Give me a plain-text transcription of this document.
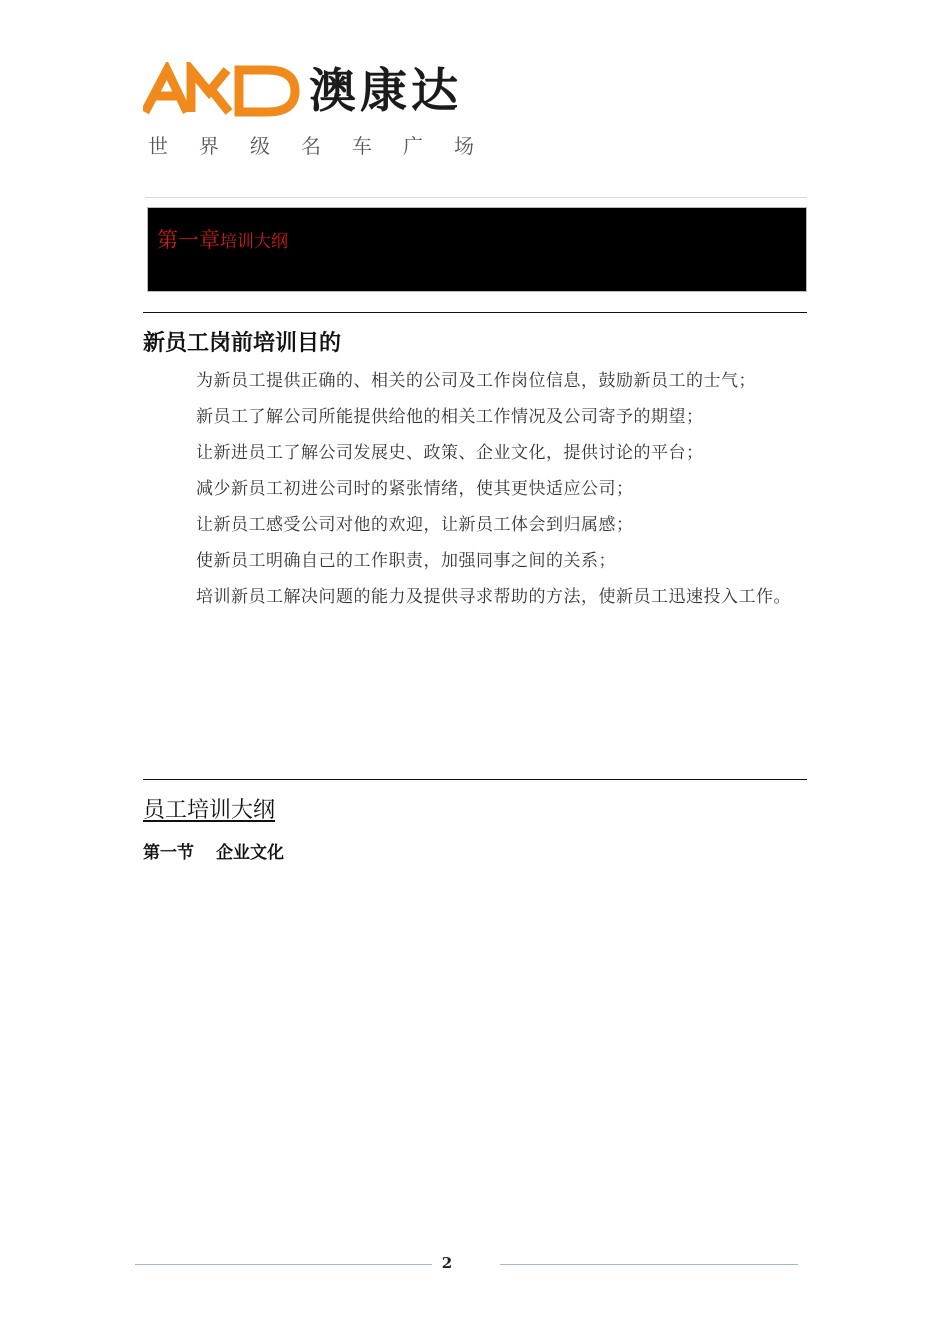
澳康达
世界级名车广场
第一章培训大纲
新员工岗前培训目的

为新员工提供正确的、相关的公司及工作岗位信息，鼓励新员工的士气；

新员工了解公司所能提供给他的相关工作情况及公司寄予的期望；

让新进员工了解公司发展史、政策、企业文化，提供讨论的平台；

减少新员工初进公司时的紧张情绪，使其更快适应公司；

让新员工感受公司对他的欢迎，让新员工体会到归属感；

使新员工明确自己的工作职责，加强同事之间的关系；

培训新员工解决问题的能力及提供寻求帮助的方法，使新员工迅速投入工作。

员工培训大纲
第一节 企业文化
2
